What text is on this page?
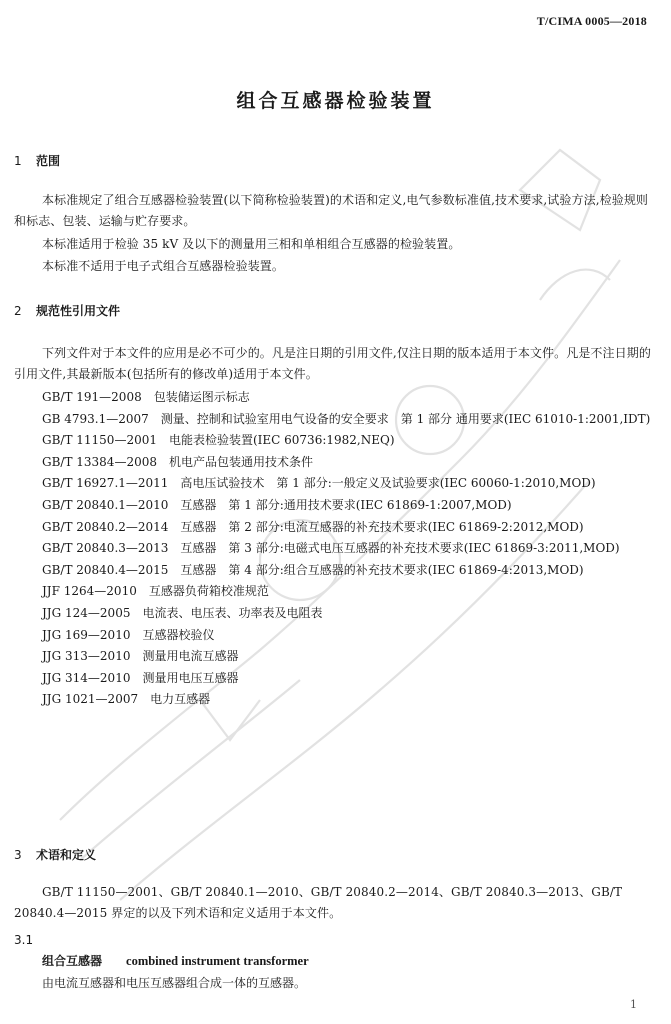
T/CIMA 0005—2018
组合互感器检验装置
1 范围
本标准规定了组合互感器检验装置(以下简称检验装置)的术语和定义,电气参数标准值,技术要求,试验方法,检验规则和标志、包装、运输与贮存要求。
本标准适用于检验 35 kV 及以下的测量用三相和单相组合互感器的检验装置。
本标准不适用于电子式组合互感器检验装置。
2 规范性引用文件
下列文件对于本文件的应用是必不可少的。凡是注日期的引用文件,仅注日期的版本适用于本文件。凡是不注日期的引用文件,其最新版本(包括所有的修改单)适用于本文件。
GB/T 191—2008　包装储运图示标志
GB 4793.1—2007　测量、控制和试验室用电气设备的安全要求　第 1 部分 通用要求(IEC 61010-1:2001,IDT)
GB/T 11150—2001　电能表检验装置(IEC 60736:1982,NEQ)
GB/T 13384—2008　机电产品包装通用技术条件
GB/T 16927.1—2011　高电压试验技术　第 1 部分:一般定义及试验要求(IEC 60060-1:2010,MOD)
GB/T 20840.1—2010　互感器　第 1 部分:通用技术要求(IEC 61869-1:2007,MOD)
GB/T 20840.2—2014　互感器　第 2 部分:电流互感器的补充技术要求(IEC 61869-2:2012,MOD)
GB/T 20840.3—2013　互感器　第 3 部分:电磁式电压互感器的补充技术要求(IEC 61869-3:2011,MOD)
GB/T 20840.4—2015　互感器　第 4 部分:组合互感器的补充技术要求(IEC 61869-4:2013,MOD)
JJF 1264—2010　互感器负荷箱校准规范
JJG 124—2005　电流表、电压表、功率表及电阻表
JJG 169—2010　互感器校验仪
JJG 313—2010　测量用电流互感器
JJG 314—2010　测量用电压互感器
JJG 1021—2007　电力互感器
3 术语和定义
GB/T 11150—2001、GB/T 20840.1—2010、GB/T 20840.2—2014、GB/T 20840.3—2013、GB/T 20840.4—2015 界定的以及下列术语和定义适用于本文件。
3.1
组合互感器 combined instrument transformer
由电流互感器和电压互感器组合成一体的互感器。
1
